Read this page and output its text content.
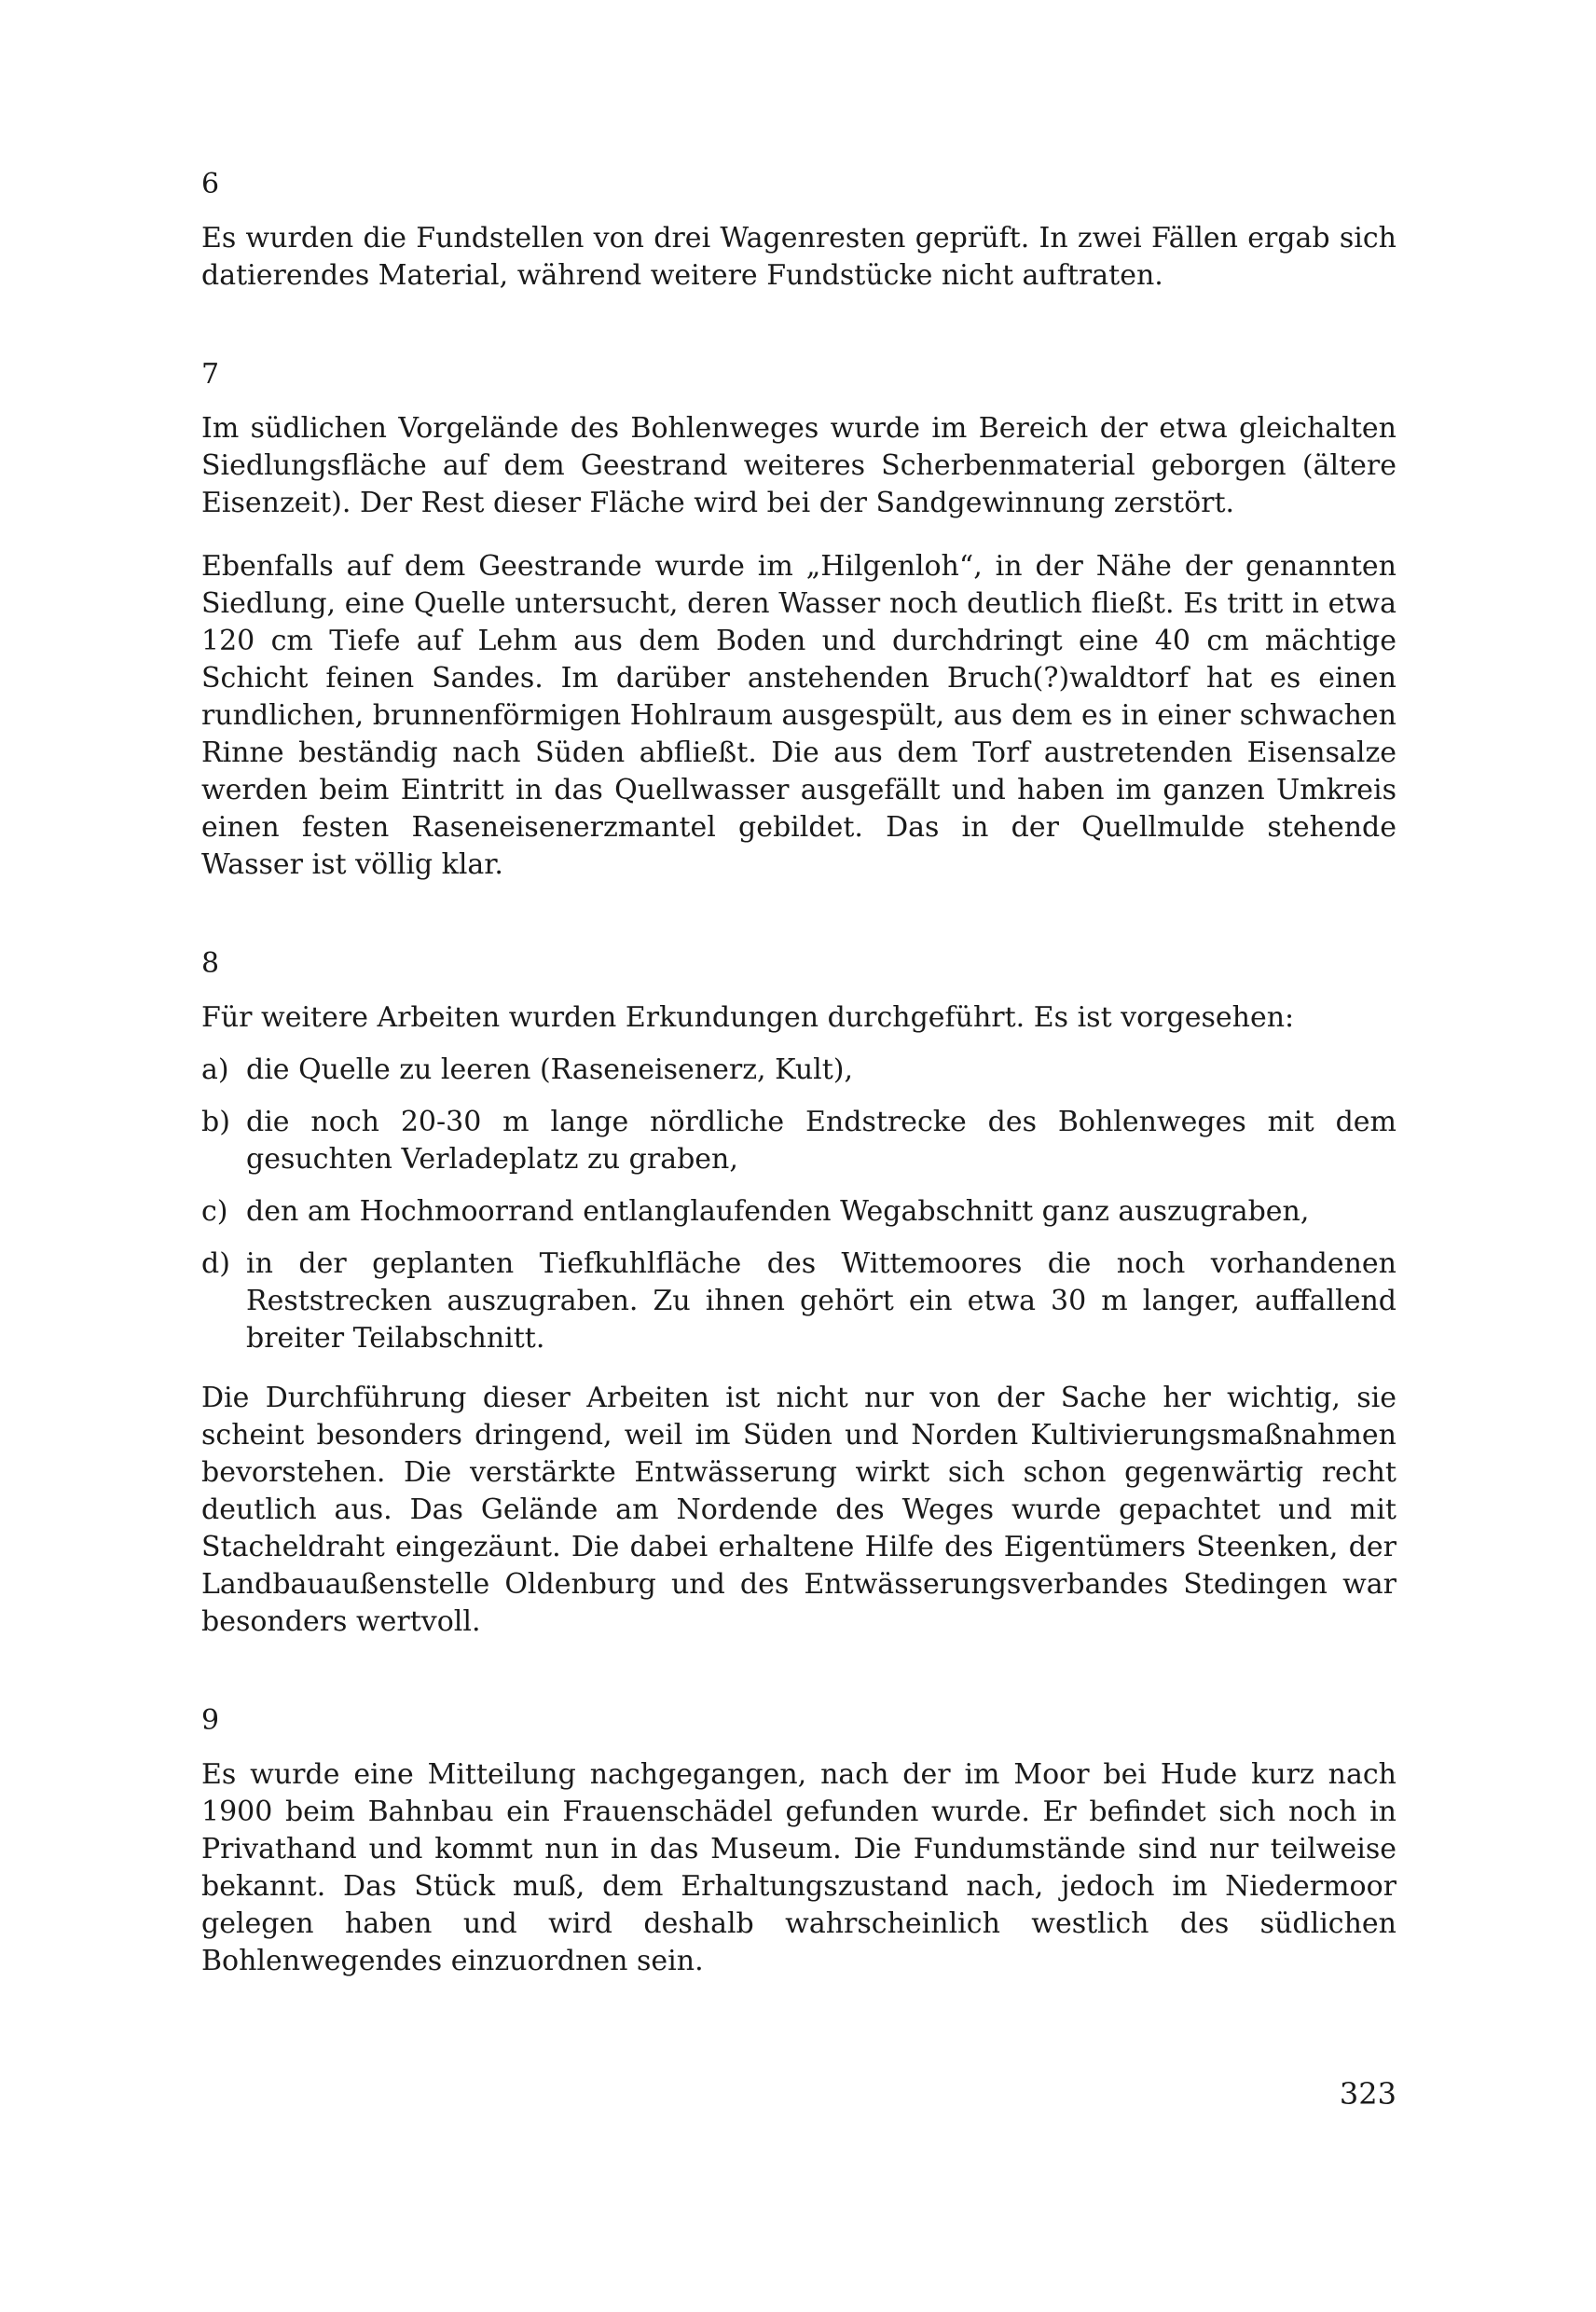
6

Es wurden die Fundstellen von drei Wagenresten geprüft. In zwei Fällen ergab sich datierendes Material, während weitere Fundstücke nicht auftraten.

7

Im südlichen Vorgelände des Bohlenweges wurde im Bereich der etwa gleichalten Siedlungsfläche auf dem Geestrand weiteres Scherbenmaterial geborgen (ältere Eisenzeit). Der Rest dieser Fläche wird bei der Sandgewinnung zerstört.

Ebenfalls auf dem Geestrande wurde im „Hilgenloh“, in der Nähe der genannten Siedlung, eine Quelle untersucht, deren Wasser noch deutlich fließt. Es tritt in etwa 120 cm Tiefe auf Lehm aus dem Boden und durchdringt eine 40 cm mächtige Schicht feinen Sandes. Im darüber anstehenden Bruch(?)waldtorf hat es einen rundlichen, brunnenförmigen Hohlraum ausgespült, aus dem es in einer schwachen Rinne beständig nach Süden abfließt. Die aus dem Torf austretenden Eisensalze werden beim Eintritt in das Quellwasser ausgefällt und haben im ganzen Umkreis einen festen Raseneisenerzmantel gebildet. Das in der Quellmulde stehende Wasser ist völlig klar.

8

Für weitere Arbeiten wurden Erkundungen durchgeführt. Es ist vorgesehen:

a) die Quelle zu leeren (Raseneisenerz, Kult),
b) die noch 20-30 m lange nördliche Endstrecke des Bohlenweges mit dem gesuchten Verladeplatz zu graben,
c) den am Hochmoorrand entlanglaufenden Wegabschnitt ganz auszugraben,
d) in der geplanten Tiefkuhlfläche des Wittemoores die noch vorhandenen Reststrecken auszugraben. Zu ihnen gehört ein etwa 30 m langer, auffallend breiter Teilabschnitt.

Die Durchführung dieser Arbeiten ist nicht nur von der Sache her wichtig, sie scheint besonders dringend, weil im Süden und Norden Kultivierungsmaßnahmen bevorstehen. Die verstärkte Entwässerung wirkt sich schon gegenwärtig recht deutlich aus. Das Gelände am Nordende des Weges wurde gepachtet und mit Stacheldraht eingezäunt. Die dabei erhaltene Hilfe des Eigentümers Steenken, der Landbauaußenstelle Oldenburg und des Entwässerungsverbandes Stedingen war besonders wertvoll.

9

Es wurde eine Mitteilung nachgegangen, nach der im Moor bei Hude kurz nach 1900 beim Bahnbau ein Frauenschädel gefunden wurde. Er befindet sich noch in Privathand und kommt nun in das Museum. Die Fundumstände sind nur teilweise bekannt. Das Stück muß, dem Erhaltungszustand nach, jedoch im Niedermoor gelegen haben und wird deshalb wahrscheinlich westlich des südlichen Bohlenwegendes einzuordnen sein.

323
